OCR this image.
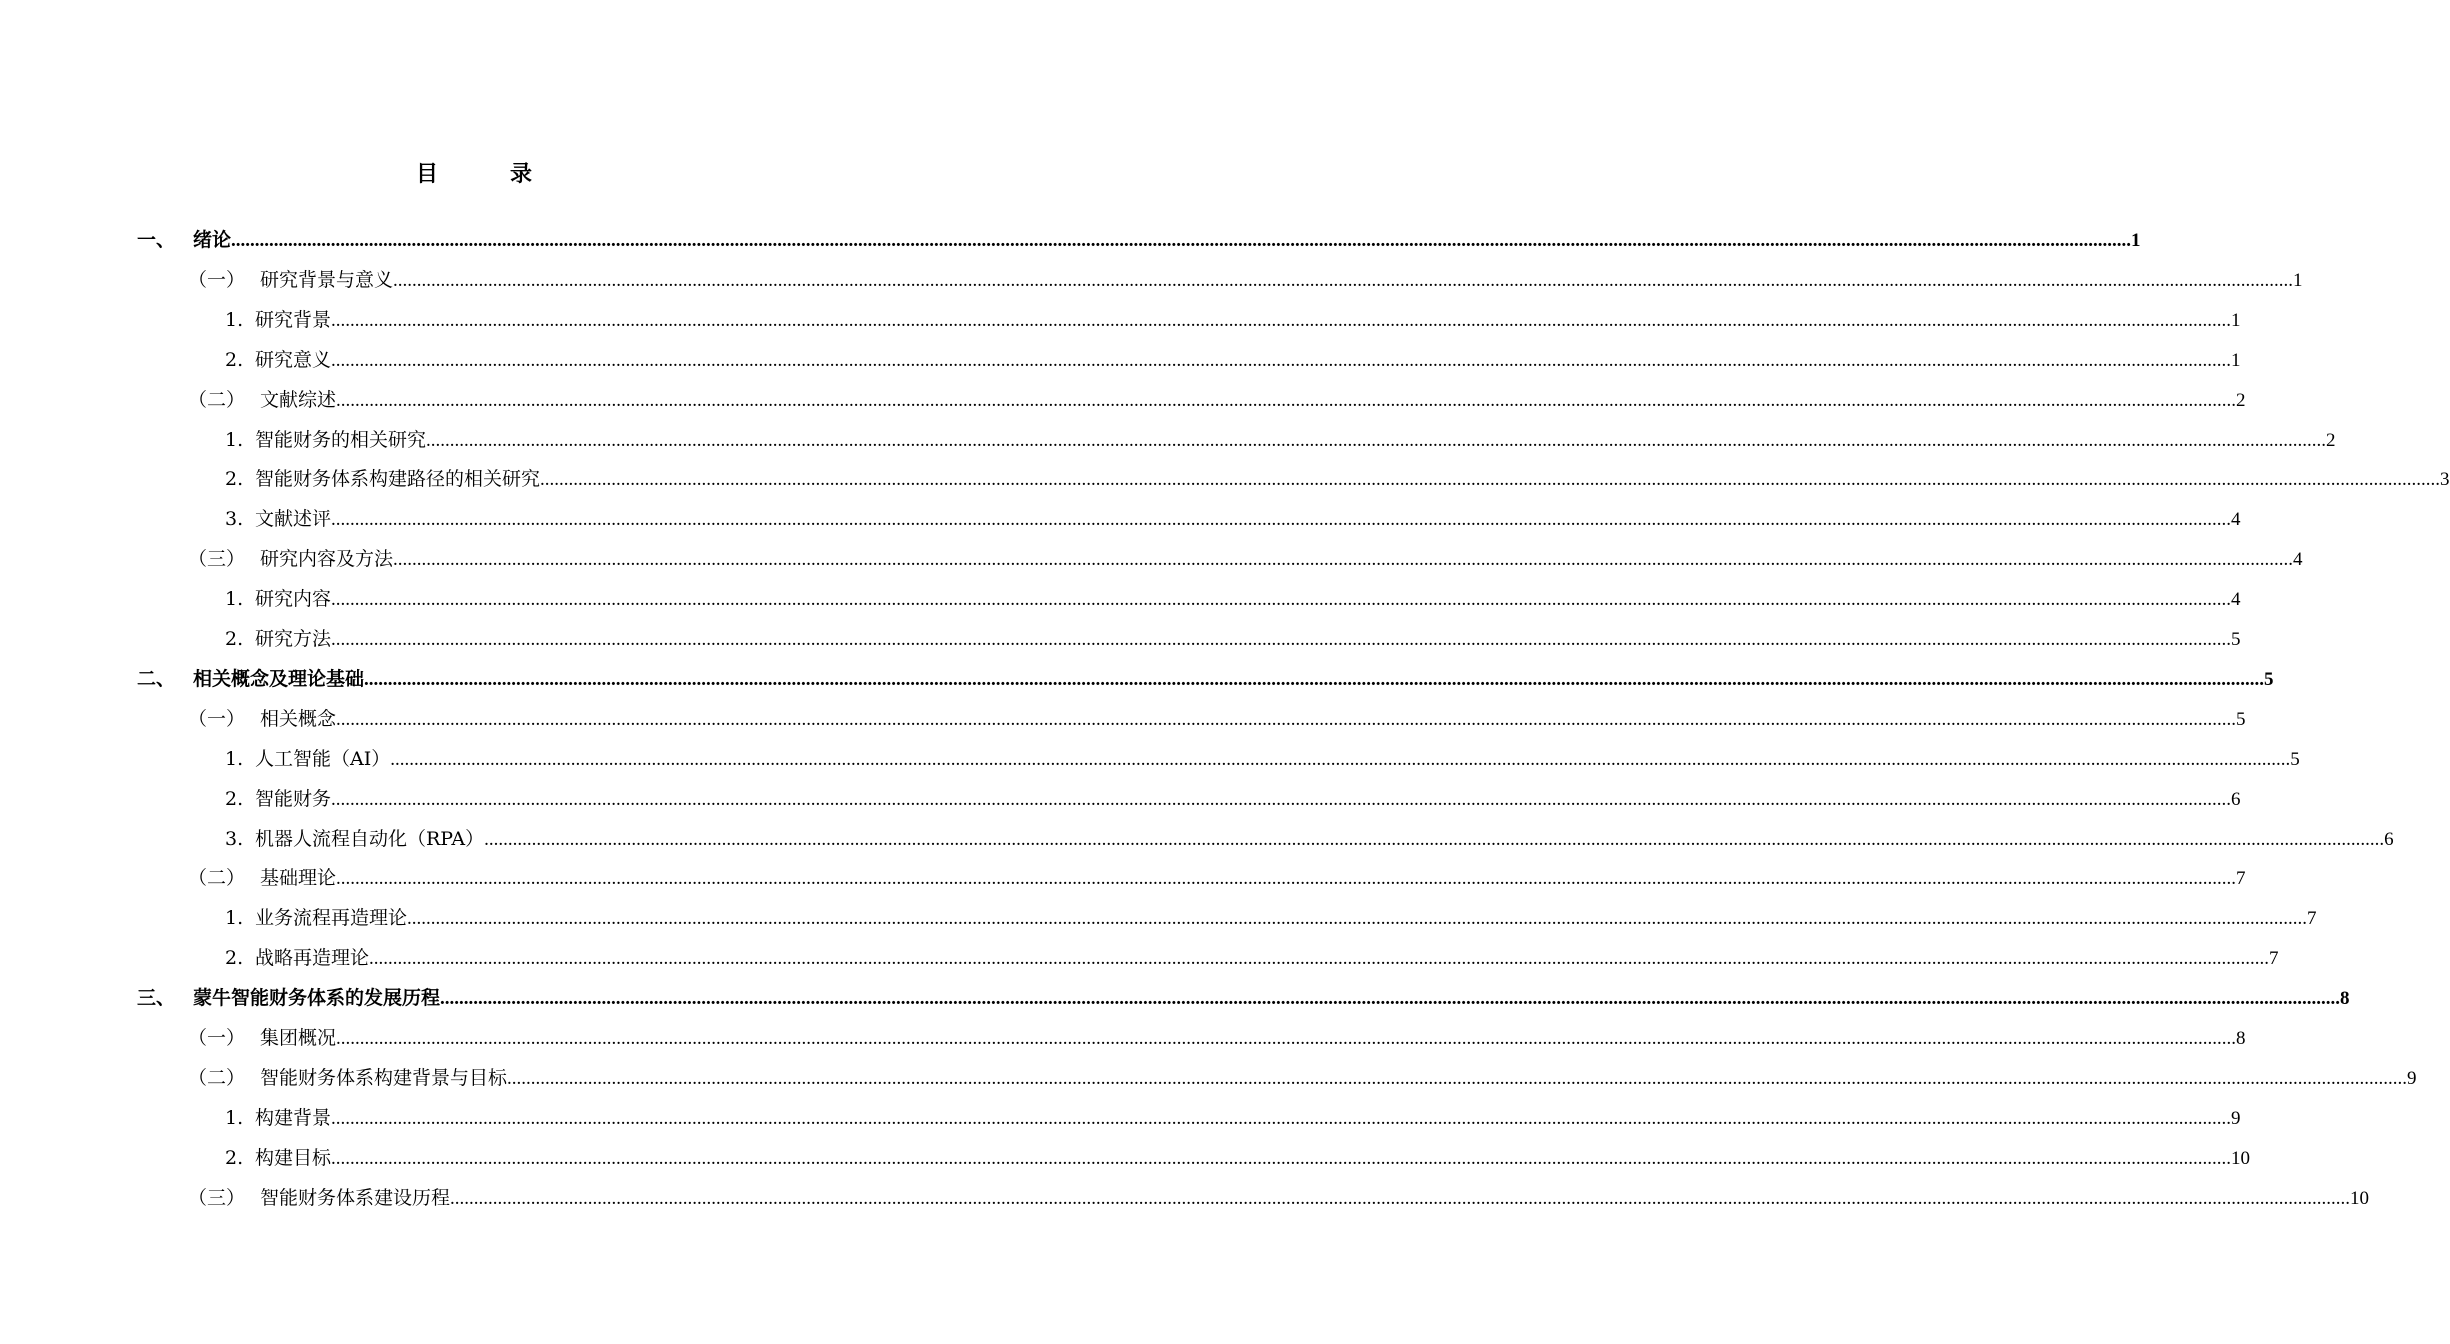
目	录
一、 绪论 ................................................................................................................................................................................................................................................................................................................................................................................................................ 1
（一） 研究背景与意义 ................................................................................................................................................................................................................................................................................................................................................................................................................ 1
1. 研究背景 ................................................................................................................................................................................................................................................................................................................................................................................................................ 1
2. 研究意义 ................................................................................................................................................................................................................................................................................................................................................................................................................ 1
（二） 文献综述 ................................................................................................................................................................................................................................................................................................................................................................................................................ 2
1. 智能财务的相关研究 ................................................................................................................................................................................................................................................................................................................................................................................................................ 2
2. 智能财务体系构建路径的相关研究 ................................................................................................................................................................................................................................................................................................................................................................................................................ 3
3. 文献述评 ................................................................................................................................................................................................................................................................................................................................................................................................................ 4
（三） 研究内容及方法 ................................................................................................................................................................................................................................................................................................................................................................................................................ 4
1. 研究内容 ................................................................................................................................................................................................................................................................................................................................................................................................................ 4
2. 研究方法 ................................................................................................................................................................................................................................................................................................................................................................................................................ 5
二、 相关概念及理论基础 ................................................................................................................................................................................................................................................................................................................................................................................................................ 5
（一） 相关概念 ................................................................................................................................................................................................................................................................................................................................................................................................................ 5
1. 人工智能（AI） ................................................................................................................................................................................................................................................................................................................................................................................................................ 5
2. 智能财务 ................................................................................................................................................................................................................................................................................................................................................................................................................ 6
3. 机器人流程自动化（RPA） ................................................................................................................................................................................................................................................................................................................................................................................................................ 6
（二） 基础理论 ................................................................................................................................................................................................................................................................................................................................................................................................................ 7
1. 业务流程再造理论 ................................................................................................................................................................................................................................................................................................................................................................................................................ 7
2. 战略再造理论 ................................................................................................................................................................................................................................................................................................................................................................................................................ 7
三、 蒙牛智能财务体系的发展历程 ................................................................................................................................................................................................................................................................................................................................................................................................................ 8
（一） 集团概况 ................................................................................................................................................................................................................................................................................................................................................................................................................ 8
（二） 智能财务体系构建背景与目标 ................................................................................................................................................................................................................................................................................................................................................................................................................ 9
1. 构建背景 ................................................................................................................................................................................................................................................................................................................................................................................................................ 9
2. 构建目标 ................................................................................................................................................................................................................................................................................................................................................................................................................ 10
（三） 智能财务体系建设历程 ................................................................................................................................................................................................................................................................................................................................................................................................................ 10
